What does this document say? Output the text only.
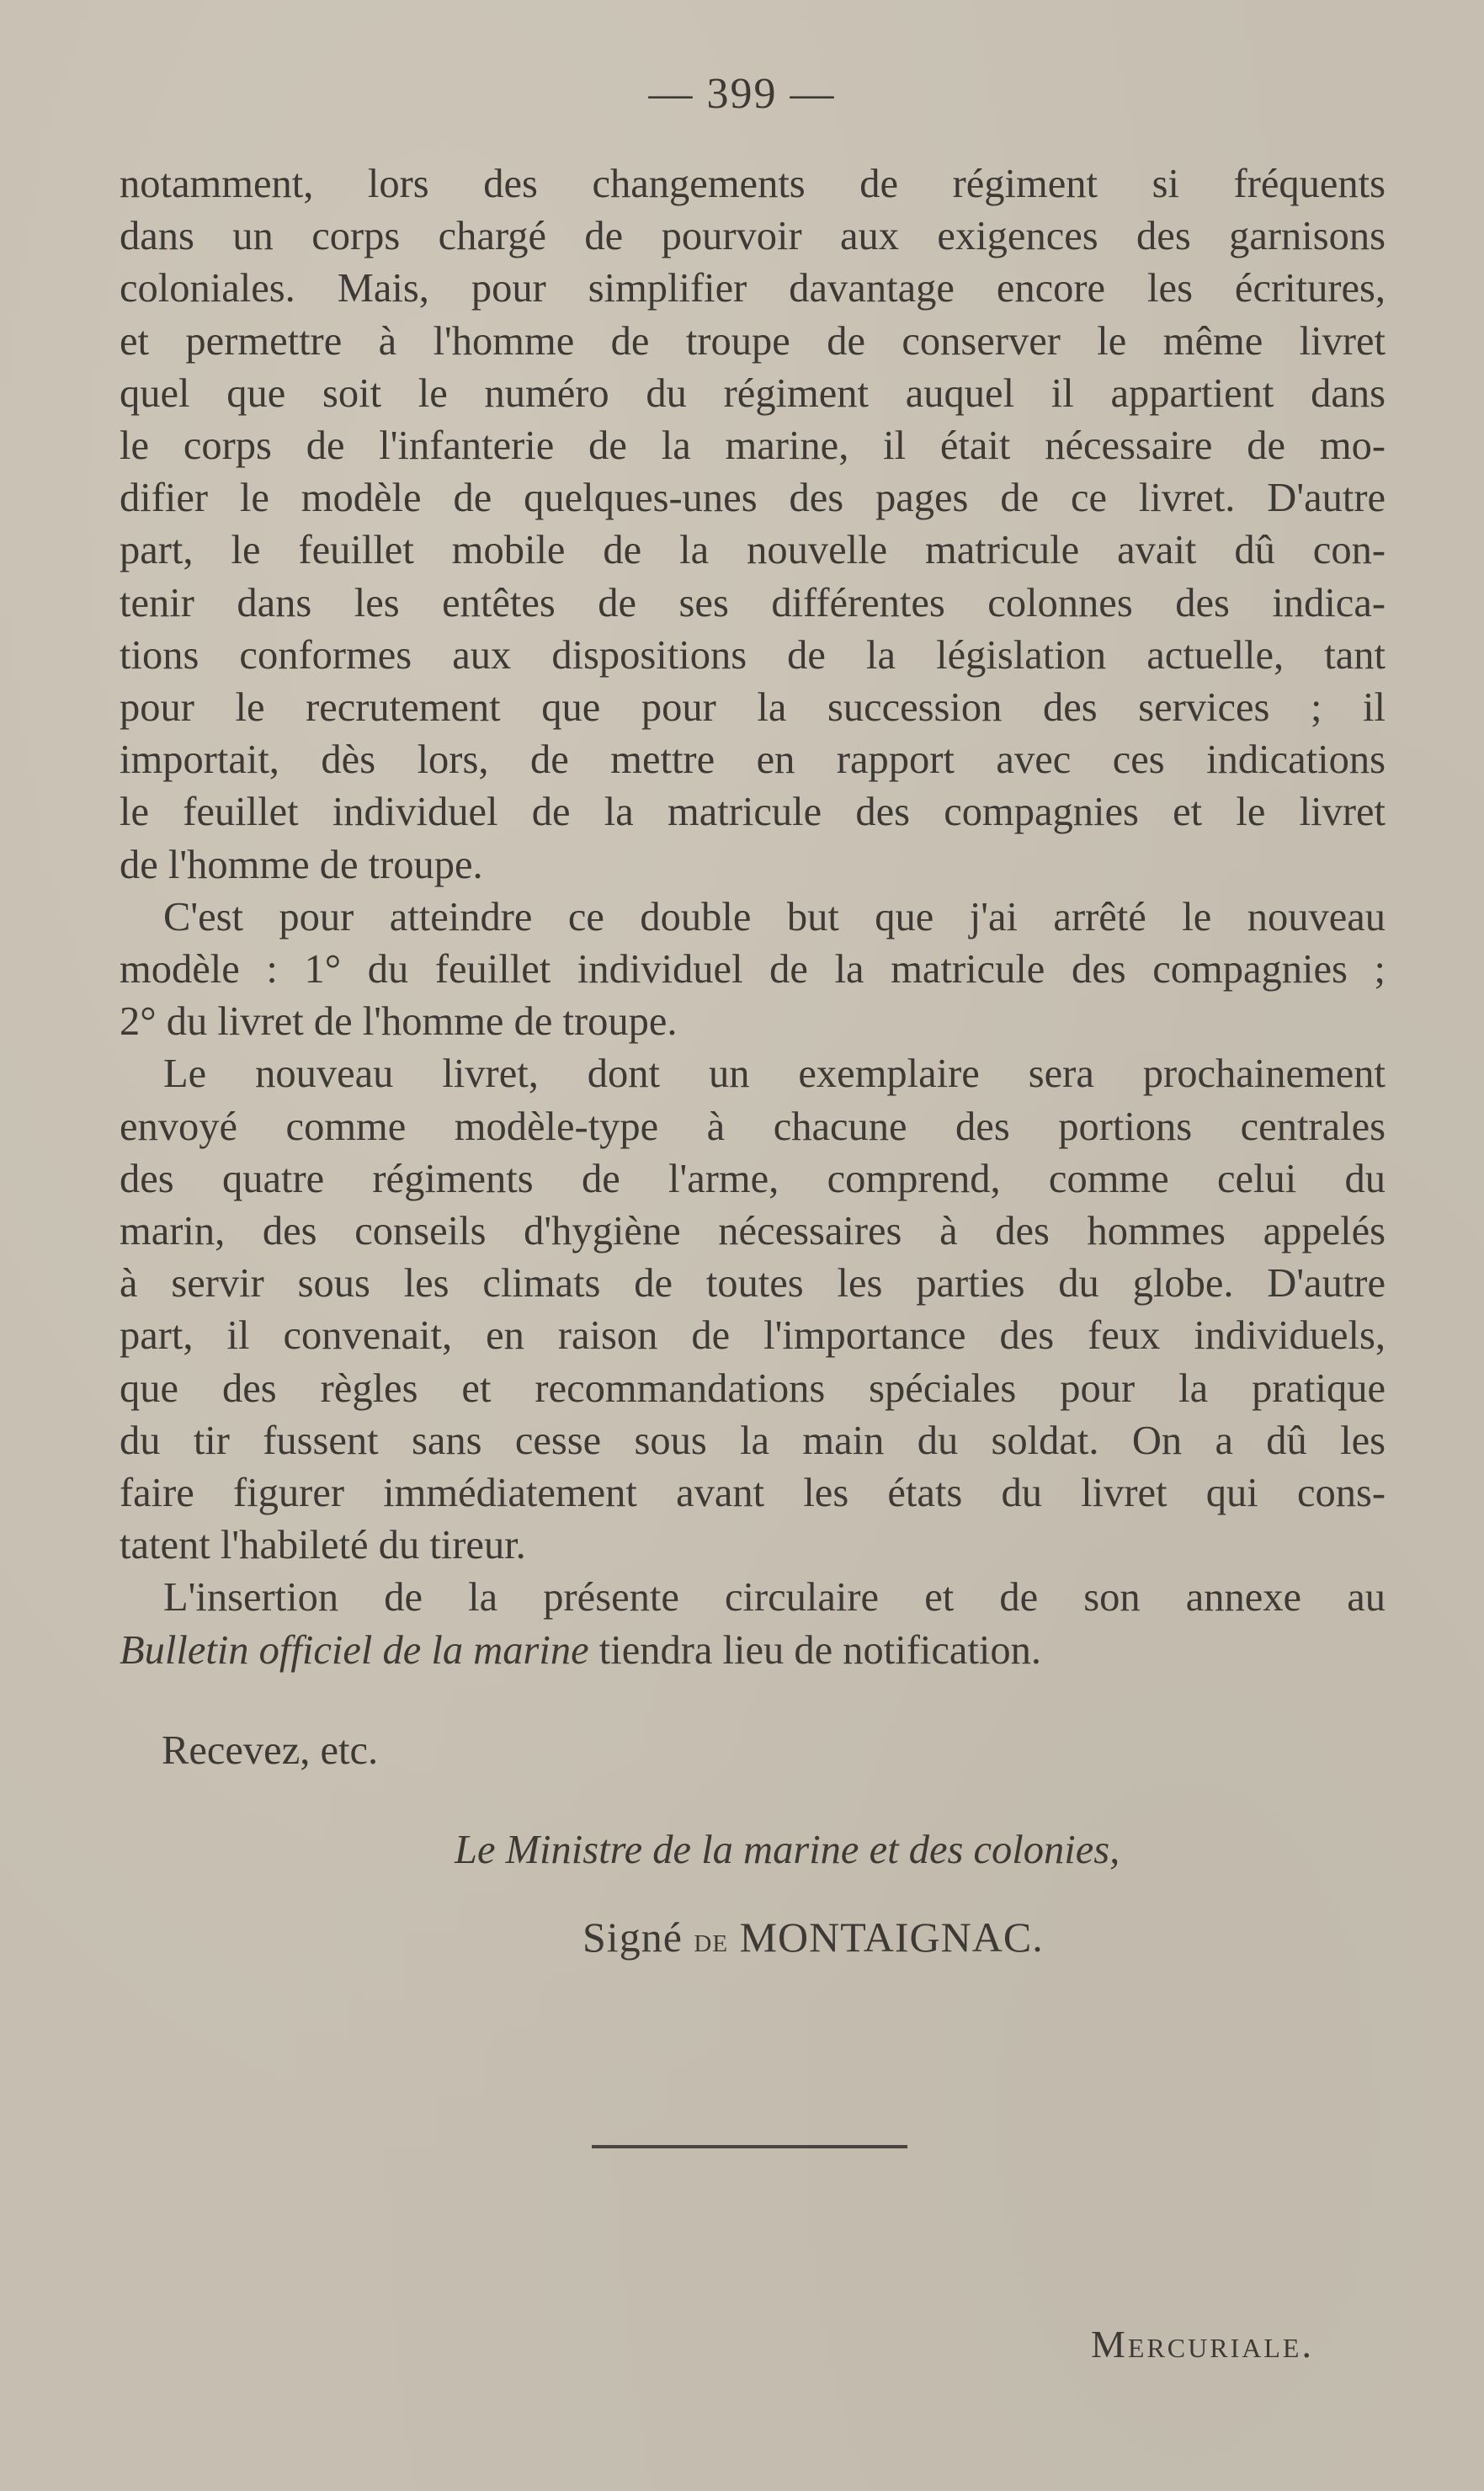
— 399 —

notamment, lors des changements de régiment si fréquents
dans un corps chargé de pourvoir aux exigences des garnisons
coloniales. Mais, pour simplifier davantage encore les écritures,
et permettre à l'homme de troupe de conserver le même livret
quel que soit le numéro du régiment auquel il appartient dans
le corps de l'infanterie de la marine, il était nécessaire de mo-
difier le modèle de quelques-unes des pages de ce livret. D'autre
part, le feuillet mobile de la nouvelle matricule avait dû con-
tenir dans les entêtes de ses différentes colonnes des indica-
tions conformes aux dispositions de la législation actuelle, tant
pour le recrutement que pour la succession des services ; il
importait, dès lors, de mettre en rapport avec ces indications
le feuillet individuel de la matricule des compagnies et le livret
de l'homme de troupe.

C'est pour atteindre ce double but que j'ai arrêté le nouveau
modèle : 1° du feuillet individuel de la matricule des compagnies ;
2° du livret de l'homme de troupe.

Le nouveau livret, dont un exemplaire sera prochainement
envoyé comme modèle-type à chacune des portions centrales
des quatre régiments de l'arme, comprend, comme celui du
marin, des conseils d'hygiène nécessaires à des hommes appelés
à servir sous les climats de toutes les parties du globe. D'autre
part, il convenait, en raison de l'importance des feux individuels,
que des règles et recommandations spéciales pour la pratique
du tir fussent sans cesse sous la main du soldat. On a dû les
faire figurer immédiatement avant les états du livret qui cons-
tatent l'habileté du tireur.

L'insertion de la présente circulaire et de son annexe au
Bulletin officiel de la marine tiendra lieu de notification.

Recevez, etc.
Le Ministre de la marine et des colonies,
Signé de MONTAIGNAC.
Mercuriale.
